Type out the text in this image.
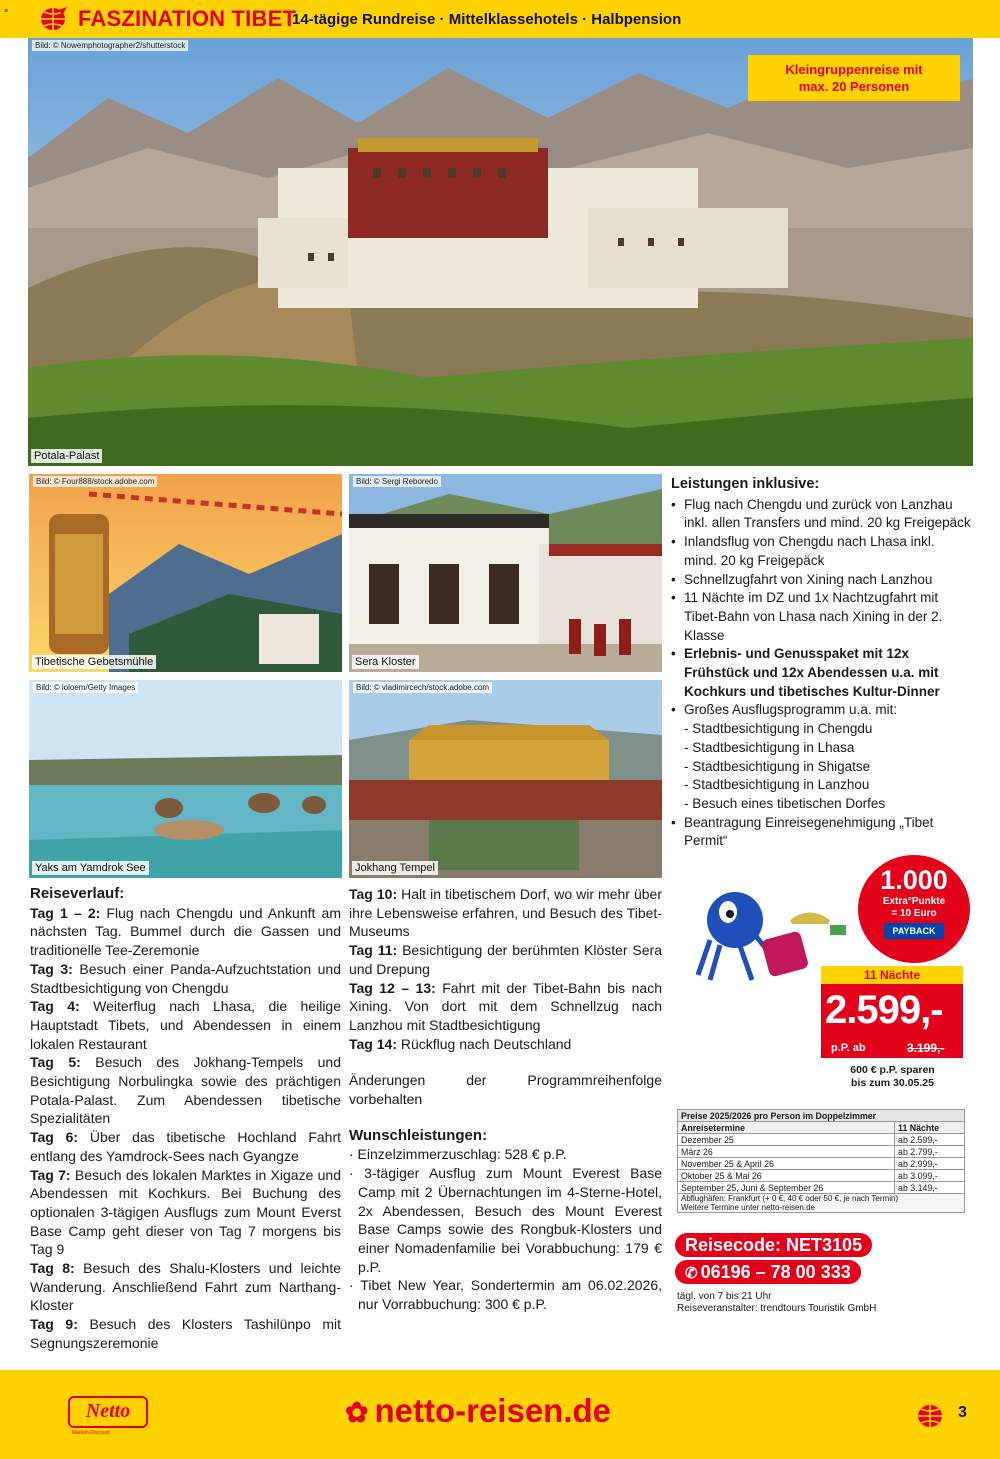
≡	FASZINATION TIBET
14-tägige Rundreise · Mittelklassehotels · Halbpension
Bild: © Nowemphotographer2/shutterstock
Potala-Palast
Kleingruppenreise mit
max. 20 Personen
Bild: © Four888/stock.adobe.com
Tibetische Gebetsmühle
Bild: © Sergi Reboredo
Sera Kloster
Bild: © loloem/Getty Images
Yaks am Yamdrok See
Bild: © vladimircech/stock.adobe.com
Jokhang Tempel
Leistungen inklusive:
• Flug nach Chengdu und zurück von Lanzhau inkl. allen Transfers und mind. 20 kg Freigepäck
• Inlandsflug von Chengdu nach Lhasa inkl. mind. 20 kg Freigepäck
• Schnellzugfahrt von Xining nach Lanzhou
• 11 Nächte im DZ und 1x Nachtzugfahrt mit Tibet-Bahn von Lhasa nach Xining in der 2. Klasse
• Erlebnis- und Genusspaket mit 12x Frühstück und 12x Abendessen u.a. mit Kochkurs und tibetisches Kultur-Dinner
• Großes Ausflugsprogramm u.a. mit:
- Stadtbesichtigung in Chengdu
- Stadtbesichtigung in Lhasa
- Stadtbesichtigung in Shigatse
- Stadtbesichtigung in Lanzhou
- Besuch eines tibetischen Dorfes
• Beantragung Einreisegenehmigung „Tibet Permit“
1.000
Extra°Punkte
= 10 Euro
PAYBACK
11 Nächte
2.599,-
p.P. ab	3.199,-
600 € p.P. sparen
bis zum 30.05.25
Preise 2025/2026 pro Person im Doppelzimmer	
Anreisetermine	11 Nächte
Dezember 25	ab 2.599,-
März 26	ab 2.799,-
November 25 & April 26	ab 2.999,-
Oktober 25 & Mai 26	ab 3.099,-
September 25, Juni & September 26	ab 3.149,-

Abflughäfen: Frankfurt (+ 0 €, 40 € oder 50 €, je nach Termin)
Weitere Termine unter netto-reisen.de	
Reisecode: NET3105
✆ 06196 – 78 00 333
tägl. von 7 bis 21 Uhr
Reiseveranstalter: trendtours Touristik GmbH
Reiseverlauf:
Tag 1 – 2: Flug nach Chengdu und Ankunft am nächsten Tag. Bummel durch die Gassen und traditionelle Tee-Zeremonie
Tag 3: Besuch einer Panda-Aufzuchtstation und Stadtbesichtigung von Chengdu
Tag 4: Weiterflug nach Lhasa, die heilige Hauptstadt Tibets, und Abendessen in einem lokalen Restaurant
Tag 5: Besuch des Jokhang-Tempels und Besichtigung Norbulingka sowie des prächtigen Potala-Palast. Zum Abendessen tibetische Spezialitäten
Tag 6: Über das tibetische Hochland Fahrt entlang des Yamdrock-Sees nach Gyangze
Tag 7: Besuch des lokalen Marktes in Xigaze und Abendessen mit Kochkurs. Bei Buchung des optionalen 3-tägigen Ausflugs zum Mount Everst Base Camp geht dieser von Tag 7 morgens bis Tag 9
Tag 8: Besuch des Shalu-Klosters und leichte Wanderung. Anschließend Fahrt zum Narthang-Kloster
Tag 9: Besuch des Klosters Tashilünpo mit Segnungszeremonie
Tag 10: Halt in tibetischem Dorf, wo wir mehr über ihre Lebensweise erfahren, und Besuch des Tibet-Museums
Tag 11: Besichtigung der berühmten Klöster Sera und Drepung
Tag 12 – 13: Fahrt mit der Tibet-Bahn bis nach Xining. Von dort mit dem Schnellzug nach Lanzhou mit Stadtbesichtigung
Tag 14: Rückflug nach Deutschland
Änderungen der Programmreihenfolge vorbehalten
Wunschleistungen:
· Einzelzimmerzuschlag: 528 € p.P.
· 3-tägiger Ausflug zum Mount Everest Base Camp mit 2 Übernachtungen im 4-Sterne-Hotel, 2x Abendessen, Besuch des Mount Everest Base Camps sowie des Rongbuk-Klosters und einer Nomadenfamilie bei Vorabbuchung: 179 € p.P.
· Tibet New Year, Sondertermin am 06.02.2026, nur Vorrabbuchung: 300 € p.P.
Netto
Marken-Discount
✿ netto-reisen.de	3
